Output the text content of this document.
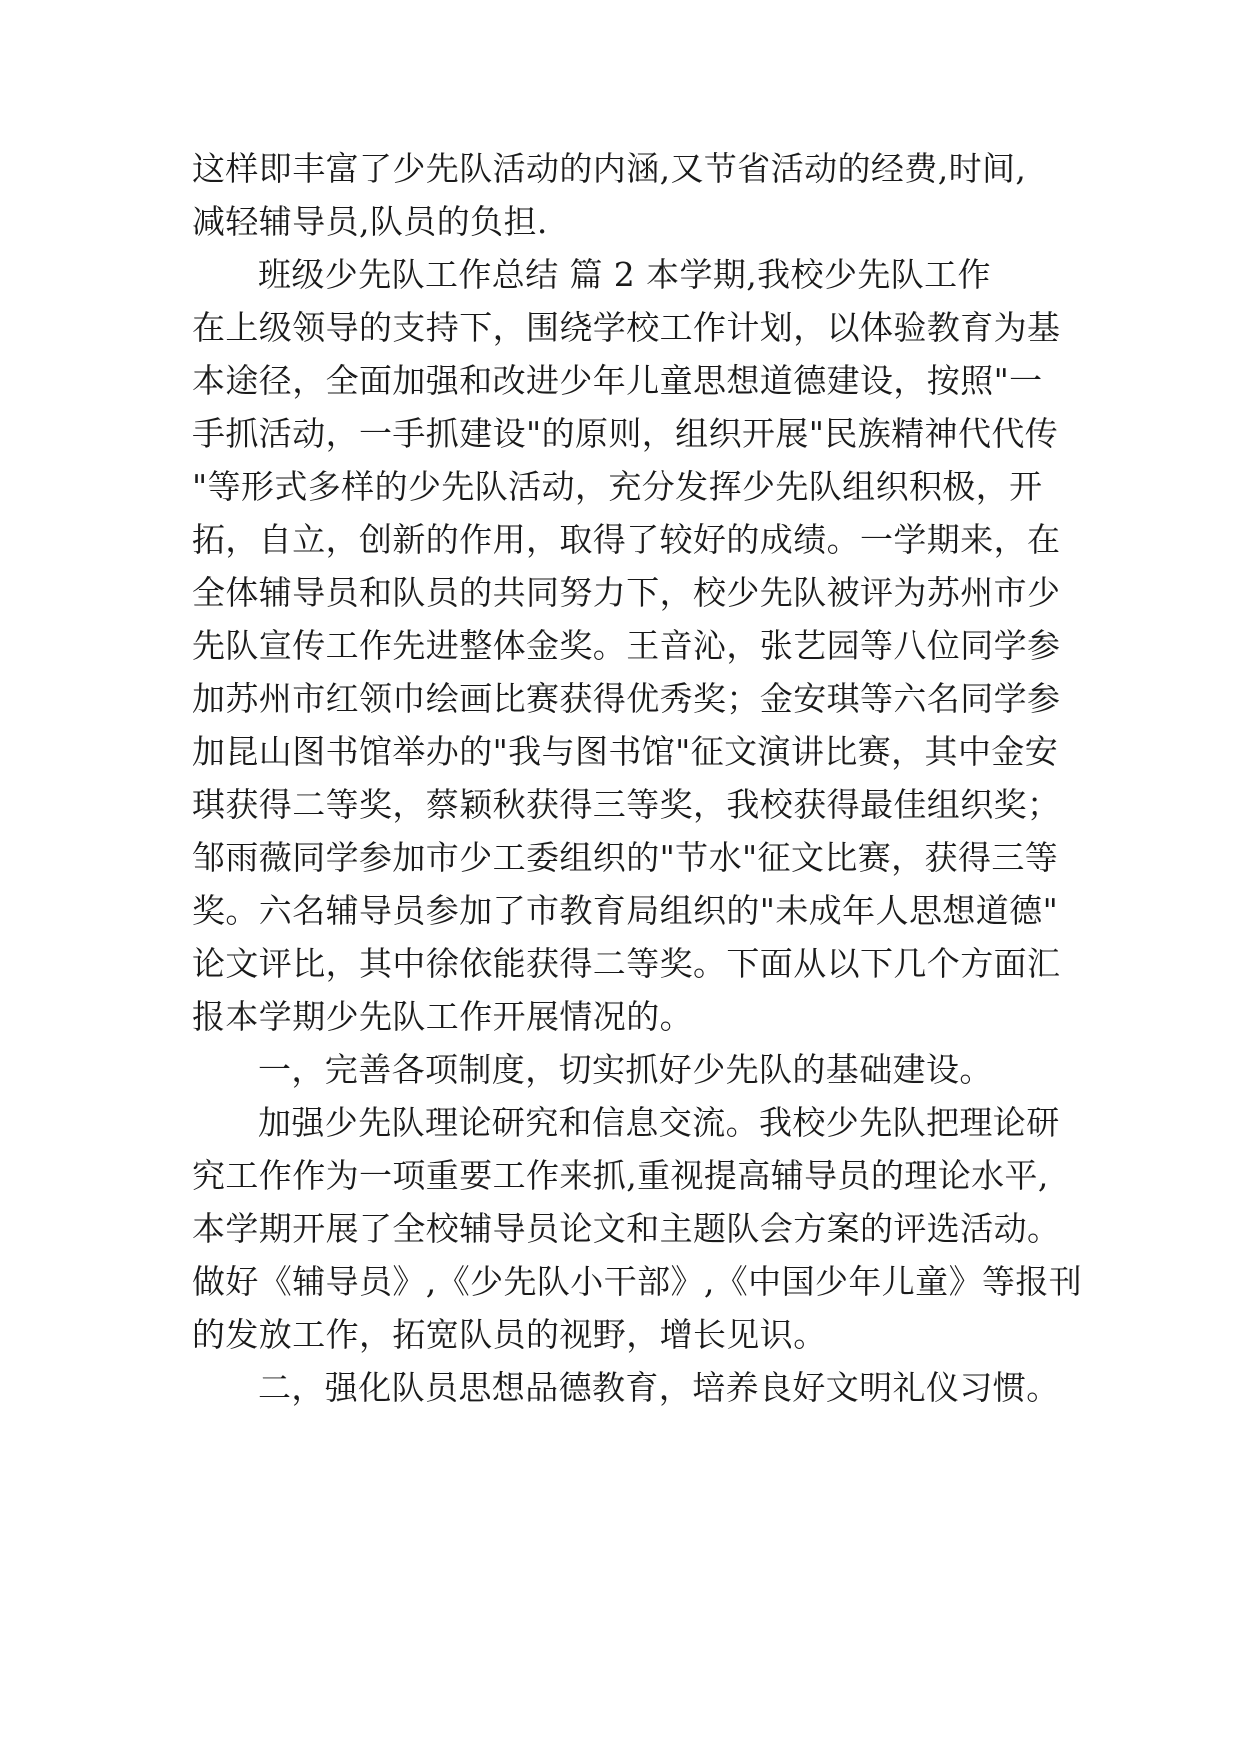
这样即丰富了少先队活动的内涵,又节省活动的经费,时间,
减轻辅导员,队员的负担.
班级少先队工作总结 篇 2 本学期,我校少先队工作
在上级领导的支持下，围绕学校工作计划，以体验教育为基
本途径，全面加强和改进少年儿童思想道德建设，按照"一
手抓活动，一手抓建设"的原则，组织开展"民族精神代代传
"等形式多样的少先队活动，充分发挥少先队组织积极，开
拓，自立，创新的作用，取得了较好的成绩。一学期来，在
全体辅导员和队员的共同努力下，校少先队被评为苏州市少
先队宣传工作先进整体金奖。王音沁，张艺园等八位同学参
加苏州市红领巾绘画比赛获得优秀奖；金安琪等六名同学参
加昆山图书馆举办的"我与图书馆"征文演讲比赛，其中金安
琪获得二等奖，蔡颖秋获得三等奖，我校获得最佳组织奖；
邹雨薇同学参加市少工委组织的"节水"征文比赛，获得三等
奖。六名辅导员参加了市教育局组织的"未成年人思想道德"
论文评比，其中徐依能获得二等奖。下面从以下几个方面汇
报本学期少先队工作开展情况的。
一，完善各项制度，切实抓好少先队的基础建设。
加强少先队理论研究和信息交流。我校少先队把理论研
究工作作为一项重要工作来抓,重视提高辅导员的理论水平,
本学期开展了全校辅导员论文和主题队会方案的评选活动。
做好《辅导员》,《少先队小干部》,《中国少年儿童》等报刊
的发放工作，拓宽队员的视野，增长见识。
二，强化队员思想品德教育，培养良好文明礼仪习惯。
